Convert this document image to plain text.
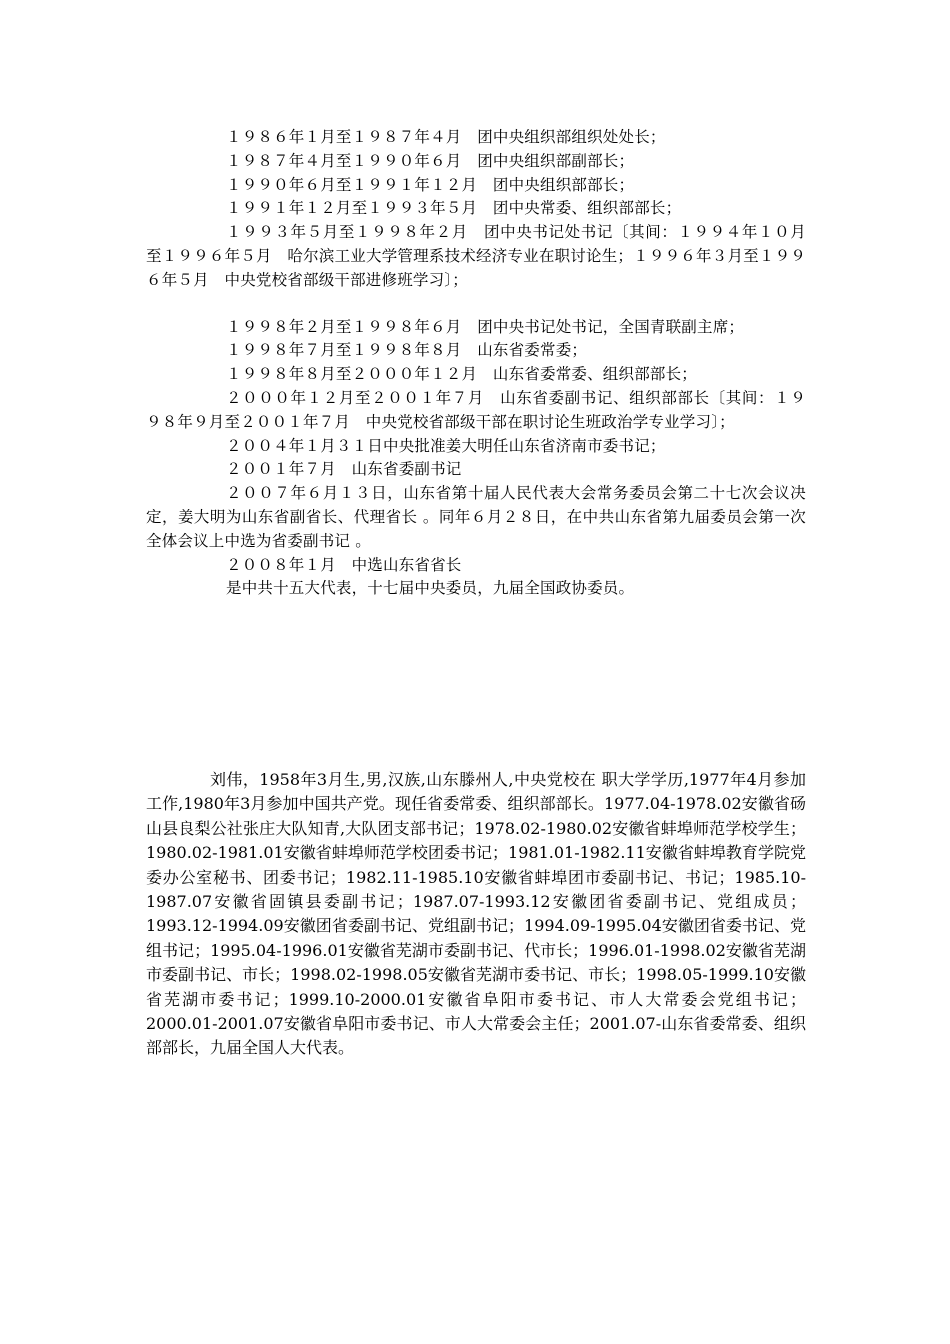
１９８６年１月至１９８７年４月　团中央组织部组织处处长；

１９８７年４月至１９９０年６月　团中央组织部副部长；

１９９０年６月至１９９１年１２月　团中央组织部部长；

１９９１年１２月至１９９３年５月　团中央常委、组织部部长；

１９９３年５月至１９９８年２月　团中央书记处书记〔其间：１９９４年１０月至１９９６年５月　哈尔滨工业大学管理系技术经济专业在职讨论生；１９９６年３月至１９９６年５月　中央党校省部级干部进修班学习〕；

１９９８年２月至１９９８年６月　团中央书记处书记，全国青联副主席；

１９９８年７月至１９９８年８月　山东省委常委；

１９９８年８月至２０００年１２月　山东省委常委、组织部部长；

２０００年１２月至２００１年７月　山东省委副书记、组织部部长〔其间：１９９８年９月至２００１年７月　中央党校省部级干部在职讨论生班政治学专业学习〕；

２００４年１月３１日中央批准姜大明任山东省济南市委书记；

２００１年７月　山东省委副书记

２００７年６月１３日，山东省第十届人民代表大会常务委员会第二十七次会议决定，姜大明为山东省副省长、代理省长 。同年６月２８日，在中共山东省第九届委员会第一次全体会议上中选为省委副书记 。

２００８年１月　中选山东省省长

是中共十五大代表，十七届中央委员，九届全国政协委员。

刘伟，1958年3月生,男,汉族,山东滕州人,中央党校在 职大学学历,1977年4月参加工作,1980年3月参加中国共产党。现任省委常委、组织部部长。1977.04-1978.02安徽省砀山县良梨公社张庄大队知青,大队团支部书记；1978.02-1980.02安徽省蚌埠师范学校学生；1980.02-1981.01安徽省蚌埠师范学校团委书记；1981.01-1982.11安徽省蚌埠教育学院党委办公室秘书、团委书记；1982.11-1985.10安徽省蚌埠团市委副书记、书记；1985.10-1987.07安徽省固镇县委副书记；1987.07-1993.12安徽团省委副书记、党组成员；1993.12-1994.09安徽团省委副书记、党组副书记；1994.09-1995.04安徽团省委书记、党组书记；1995.04-1996.01安徽省芜湖市委副书记、代市长；1996.01-1998.02安徽省芜湖市委副书记、市长；1998.02-1998.05安徽省芜湖市委书记、市长；1998.05-1999.10安徽省芜湖市委书记；1999.10-2000.01安徽省阜阳市委书记、市人大常委会党组书记；2000.01-2001.07安徽省阜阳市委书记、市人大常委会主任；2001.07-山东省委常委、组织部部长，九届全国人大代表。
